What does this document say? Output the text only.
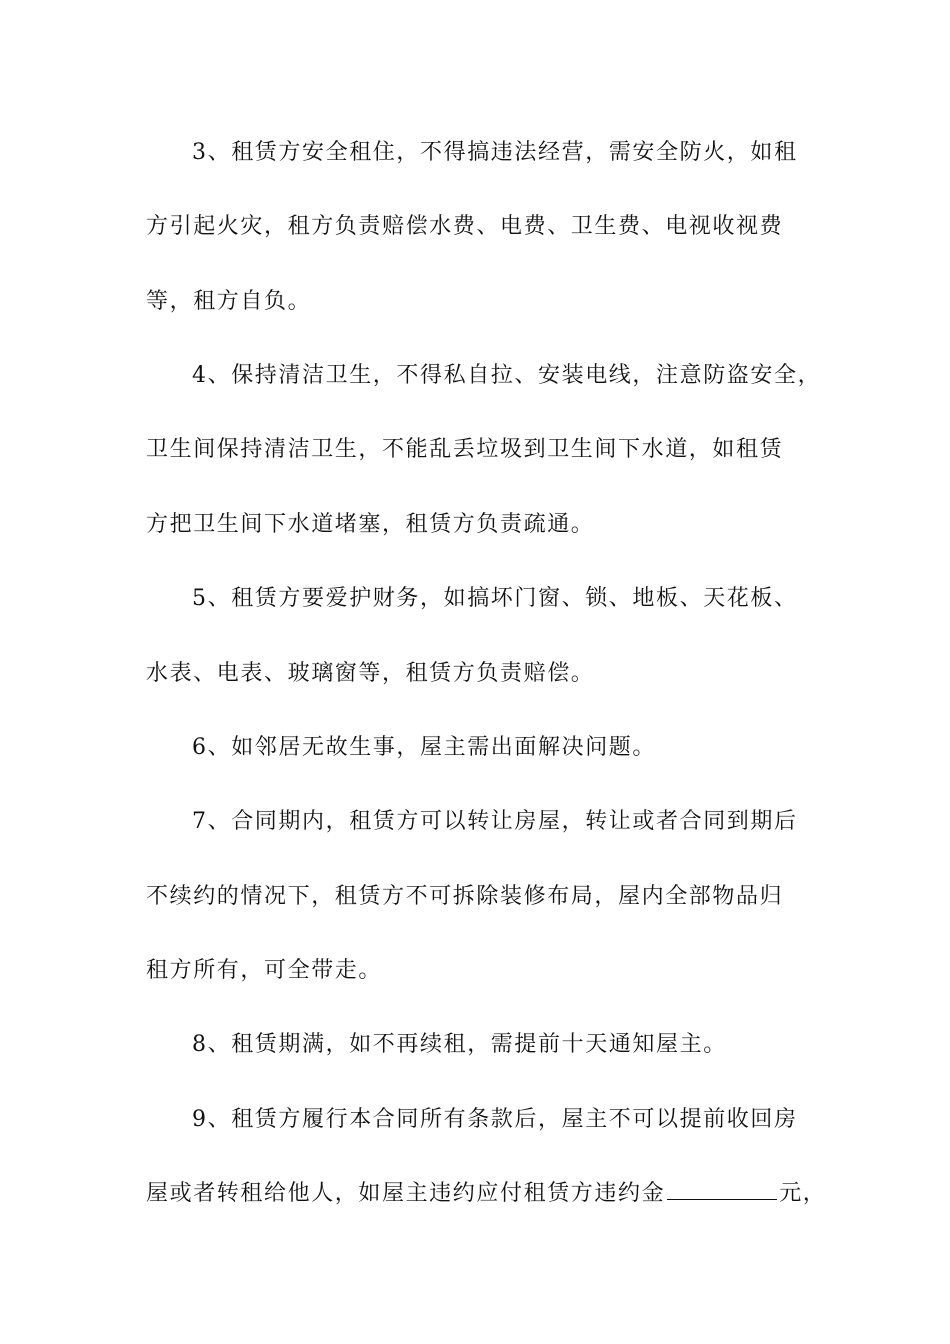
3、租赁方安全租住，不得搞违法经营，需安全防火，如租
方引起火灾，租方负责赔偿水费、电费、卫生费、电视收视费
等，租方自负。
4、保持清洁卫生，不得私自拉、安装电线，注意防盗安全，
卫生间保持清洁卫生，不能乱丢垃圾到卫生间下水道，如租赁
方把卫生间下水道堵塞，租赁方负责疏通。
5、租赁方要爱护财务，如搞坏门窗、锁、地板、天花板、
水表、电表、玻璃窗等，租赁方负责赔偿。
6、如邻居无故生事，屋主需出面解决问题。
7、合同期内，租赁方可以转让房屋，转让或者合同到期后
不续约的情况下，租赁方不可拆除装修布局，屋内全部物品归
租方所有，可全带走。
8、租赁期满，如不再续租，需提前十天通知屋主。
9、租赁方履行本合同所有条款后，屋主不可以提前收回房
屋或者转租给他人，如屋主违约应付租赁方违约金	元，
